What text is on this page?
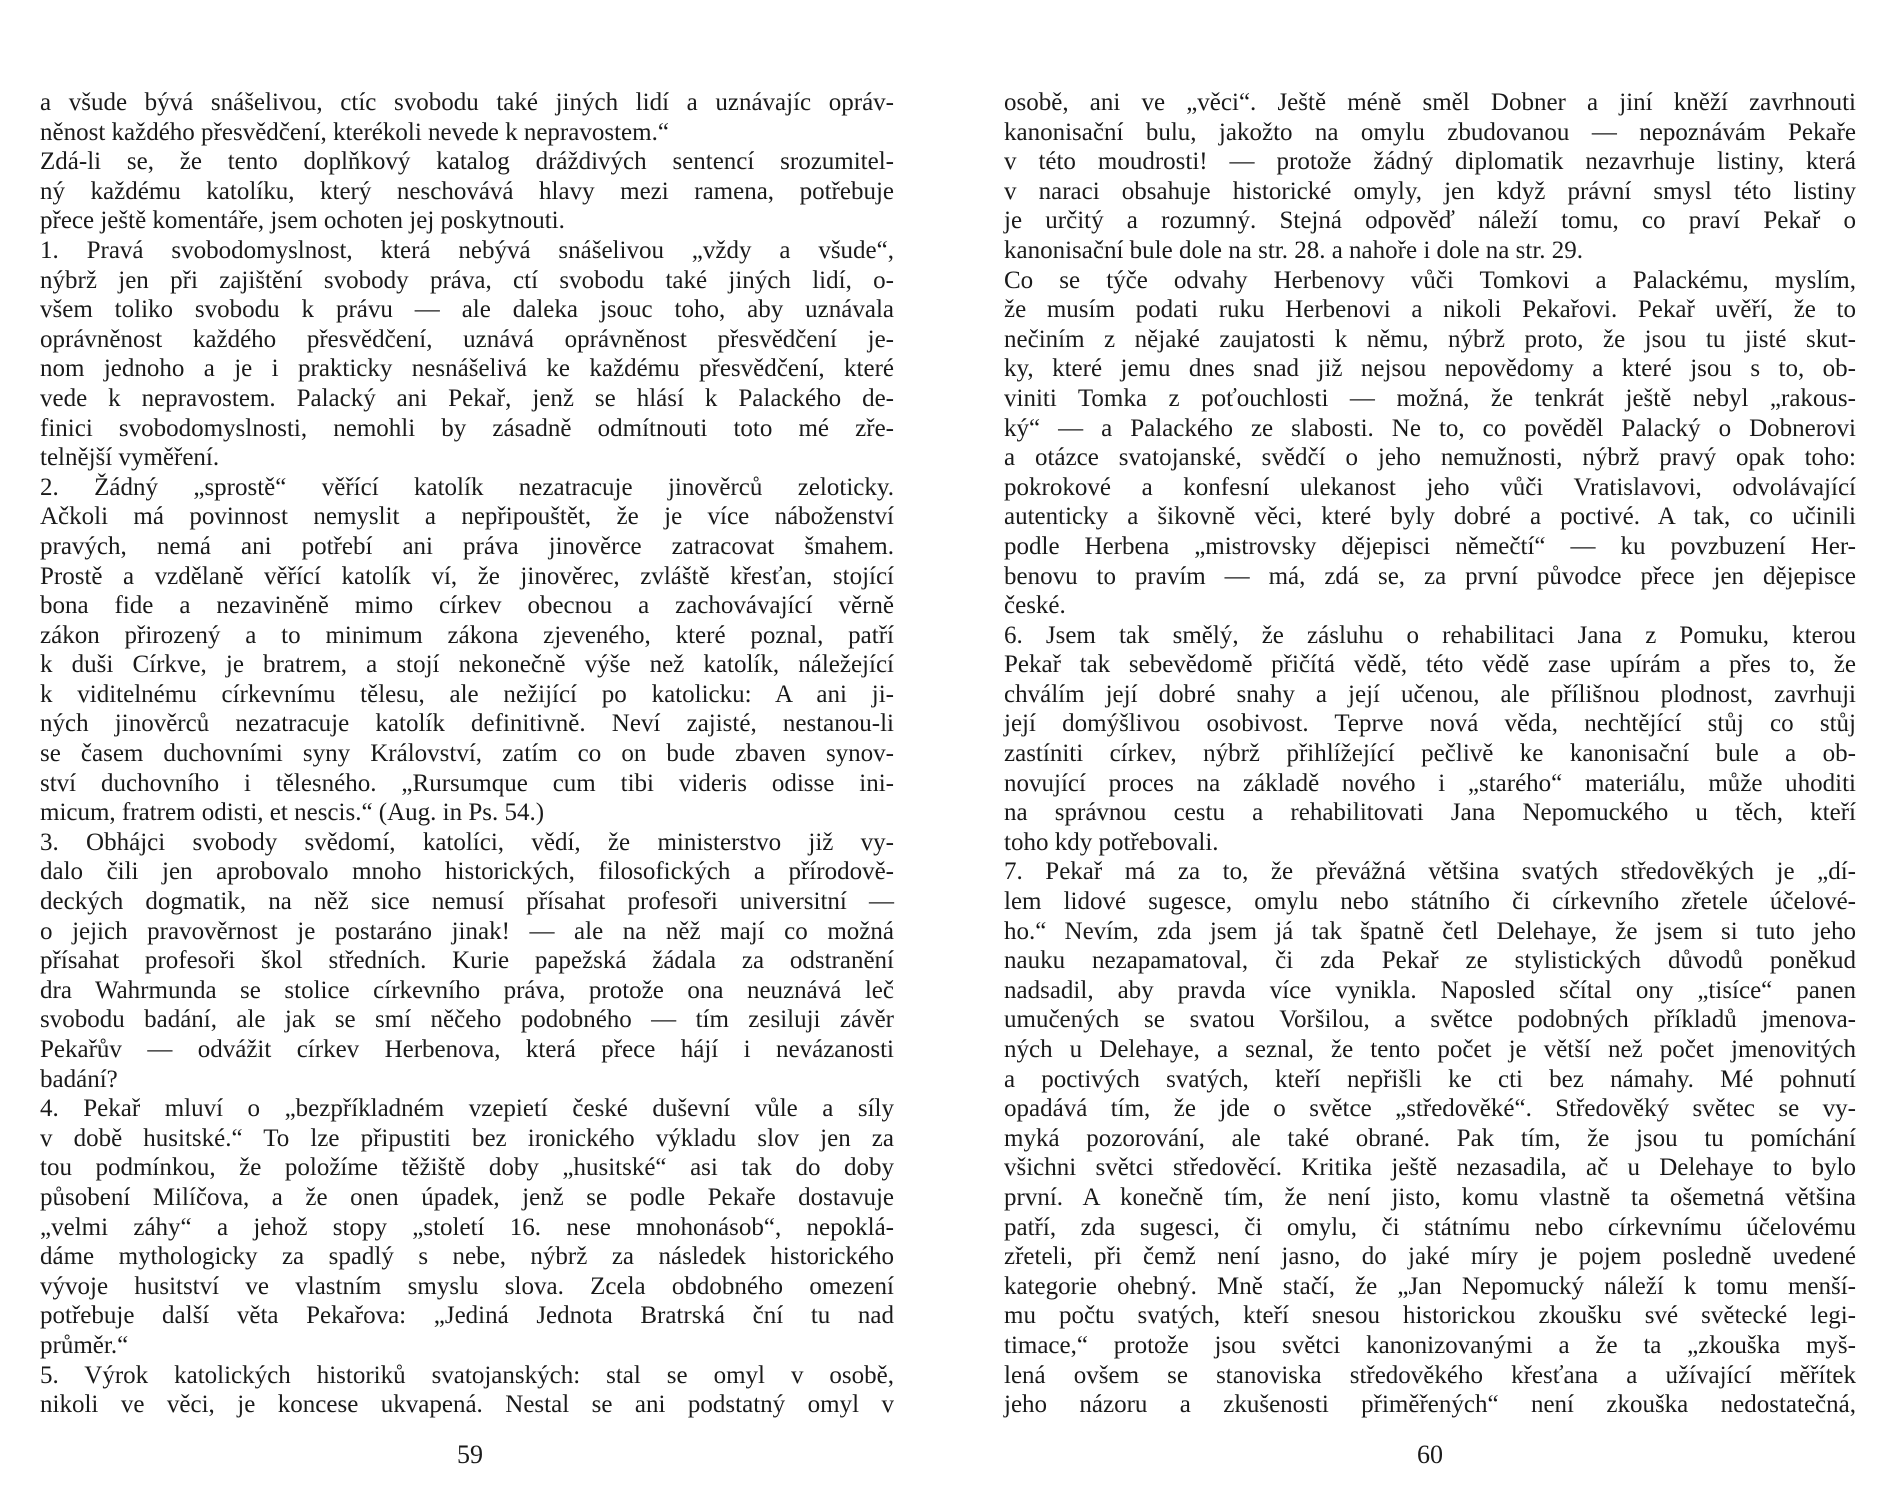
a všude bývá snášelivou, ctíc svobodu také jiných lidí a uznávajíc opráv-
něnost každého přesvědčení, kterékoli nevede k nepravostem.“
Zdá-li se, že tento doplňkový katalog dráždivých sentencí srozumitel-
ný každému katolíku, který neschovává hlavy mezi ramena, potřebuje
přece ještě komentáře, jsem ochoten jej poskytnouti.
1. Pravá svobodomyslnost, která nebývá snášelivou „vždy a všude“,
nýbrž jen při zajištění svobody práva, ctí svobodu také jiných lidí, o-
všem toliko svobodu k právu — ale daleka jsouc toho, aby uznávala
oprávněnost každého přesvědčení, uznává oprávněnost přesvědčení je-
nom jednoho a je i prakticky nesnášelivá ke každému přesvědčení, které
vede k nepravostem. Palacký ani Pekař, jenž se hlásí k Palackého de-
finici svobodomyslnosti, nemohli by zásadně odmítnouti toto mé zře-
telnější vyměření.
2. Žádný „sprostě“ věřící katolík nezatracuje jinověrců zeloticky.
Ačkoli má povinnost nemyslit a nepřipouštět, že je více náboženství
pravých, nemá ani potřebí ani práva jinověrce zatracovat šmahem.
Prostě a vzdělaně věřící katolík ví, že jinověrec, zvláště křesťan, stojící
bona fide a nezaviněně mimo církev obecnou a zachovávající věrně
zákon přirozený a to minimum zákona zjeveného, které poznal, patří
k duši Církve, je bratrem, a stojí nekonečně výše než katolík, náležející
k viditelnému církevnímu tělesu, ale nežijící po katolicku: A ani ji-
ných jinověrců nezatracuje katolík definitivně. Neví zajisté, nestanou-li
se časem duchovními syny Království, zatím co on bude zbaven synov-
ství duchovního i tělesného. „Rursumque cum tibi videris odisse ini-
micum, fratrem odisti, et nescis.“ (Aug. in Ps. 54.)
3. Obhájci svobody svědomí, katolíci, vědí, že ministerstvo již vy-
dalo čili jen aprobovalo mnoho historických, filosofických a přírodově-
deckých dogmatik, na něž sice nemusí přísahat profesoři universitní —
o jejich pravověrnost je postaráno jinak! — ale na něž mají co možná
přísahat profesoři škol středních. Kurie papežská žádala za odstranění
dra Wahrmunda se stolice církevního práva, protože ona neuznává leč
svobodu badání, ale jak se smí něčeho podobného — tím zesiluji závěr
Pekařův — odvážit církev Herbenova, která přece hájí i nevázanosti
badání?
4. Pekař mluví o „bezpříkladném vzepietí české duševní vůle a síly
v době husitské.“ To lze připustiti bez ironického výkladu slov jen za
tou podmínkou, že položíme těžiště doby „husitské“ asi tak do doby
působení Milíčova, a že onen úpadek, jenž se podle Pekaře dostavuje
„velmi záhy“ a jehož stopy „století 16. nese mnohonásob“, nepoklá-
dáme mythologicky za spadlý s nebe, nýbrž za následek historického
vývoje husitství ve vlastním smyslu slova. Zcela obdobného omezení
potřebuje další věta Pekařova: „Jediná Jednota Bratrská ční tu nad
průměr.“
5. Výrok katolických historiků svatojanských: stal se omyl v osobě,
nikoli ve věci, je koncese ukvapená. Nestal se ani podstatný omyl v
59
osobě, ani ve „věci“. Ještě méně směl Dobner a jiní kněží zavrhnouti
kanonisační bulu, jakožto na omylu zbudovanou — nepoznávám Pekaře
v této moudrosti! — protože žádný diplomatik nezavrhuje listiny, která
v naraci obsahuje historické omyly, jen když právní smysl této listiny
je určitý a rozumný. Stejná odpověď náleží tomu, co praví Pekař o
kanonisační bule dole na str. 28. a nahoře i dole na str. 29.
Co se týče odvahy Herbenovy vůči Tomkovi a Palackému, myslím,
že musím podati ruku Herbenovi a nikoli Pekařovi. Pekař uvěří, že to
nečiním z nějaké zaujatosti k němu, nýbrž proto, že jsou tu jisté skut-
ky, které jemu dnes snad již nejsou nepovědomy a které jsou s to, ob-
viniti Tomka z poťouchlosti — možná, že tenkrát ještě nebyl „rakous-
ký“ — a Palackého ze slabosti. Ne to, co pověděl Palacký o Dobnerovi
a otázce svatojanské, svědčí o jeho nemužnosti, nýbrž pravý opak toho:
pokrokové a konfesní ulekanost jeho vůči Vratislavovi, odvolávající
autenticky a šikovně věci, které byly dobré a poctivé. A tak, co učinili
podle Herbena „mistrovsky dějepisci němečtí“ — ku povzbuzení Her-
benovu to pravím — má, zdá se, za první původce přece jen dějepisce
české.
6. Jsem tak smělý, že zásluhu o rehabilitaci Jana z Pomuku, kterou
Pekař tak sebevědomě přičítá vědě, této vědě zase upírám a přes to, že
chválím její dobré snahy a její učenou, ale přílišnou plodnost, zavrhuji
její domýšlivou osobivost. Teprve nová věda, nechtějící stůj co stůj
zastíniti církev, nýbrž přihlížející pečlivě ke kanonisační bule a ob-
novující proces na základě nového i „starého“ materiálu, může uhoditi
na správnou cestu a rehabilitovati Jana Nepomuckého u těch, kteří
toho kdy potřebovali.
7. Pekař má za to, že převážná většina svatých středověkých je „dí-
lem lidové sugesce, omylu nebo státního či církevního zřetele účelové-
ho.“ Nevím, zda jsem já tak špatně četl Delehaye, že jsem si tuto jeho
nauku nezapamatoval, či zda Pekař ze stylistických důvodů poněkud
nadsadil, aby pravda více vynikla. Naposled sčítal ony „tisíce“ panen
umučených se svatou Voršilou, a světce podobných příkladů jmenova-
ných u Delehaye, a seznal, že tento počet je větší než počet jmenovitých
a poctivých svatých, kteří nepřišli ke cti bez námahy. Mé pohnutí
opadává tím, že jde o světce „středověké“. Středověký světec se vy-
myká pozorování, ale také obrané. Pak tím, že jsou tu pomíchání
všichni světci středověcí. Kritika ještě nezasadila, ač u Delehaye to bylo
první. A konečně tím, že není jisto, komu vlastně ta ošemetná většina
patří, zda sugesci, či omylu, či státnímu nebo církevnímu účelovému
zřeteli, při čemž není jasno, do jaké míry je pojem posledně uvedené
kategorie ohebný. Mně stačí, že „Jan Nepomucký náleží k tomu menší-
mu počtu svatých, kteří snesou historickou zkoušku své světecké legi-
timace,“ protože jsou světci kanonizovanými a že ta „zkouška myš-
lená ovšem se stanoviska středověkého křesťana a užívající měřítek
jeho názoru a zkušenosti přiměřených“ není zkouška nedostatečná,
60
